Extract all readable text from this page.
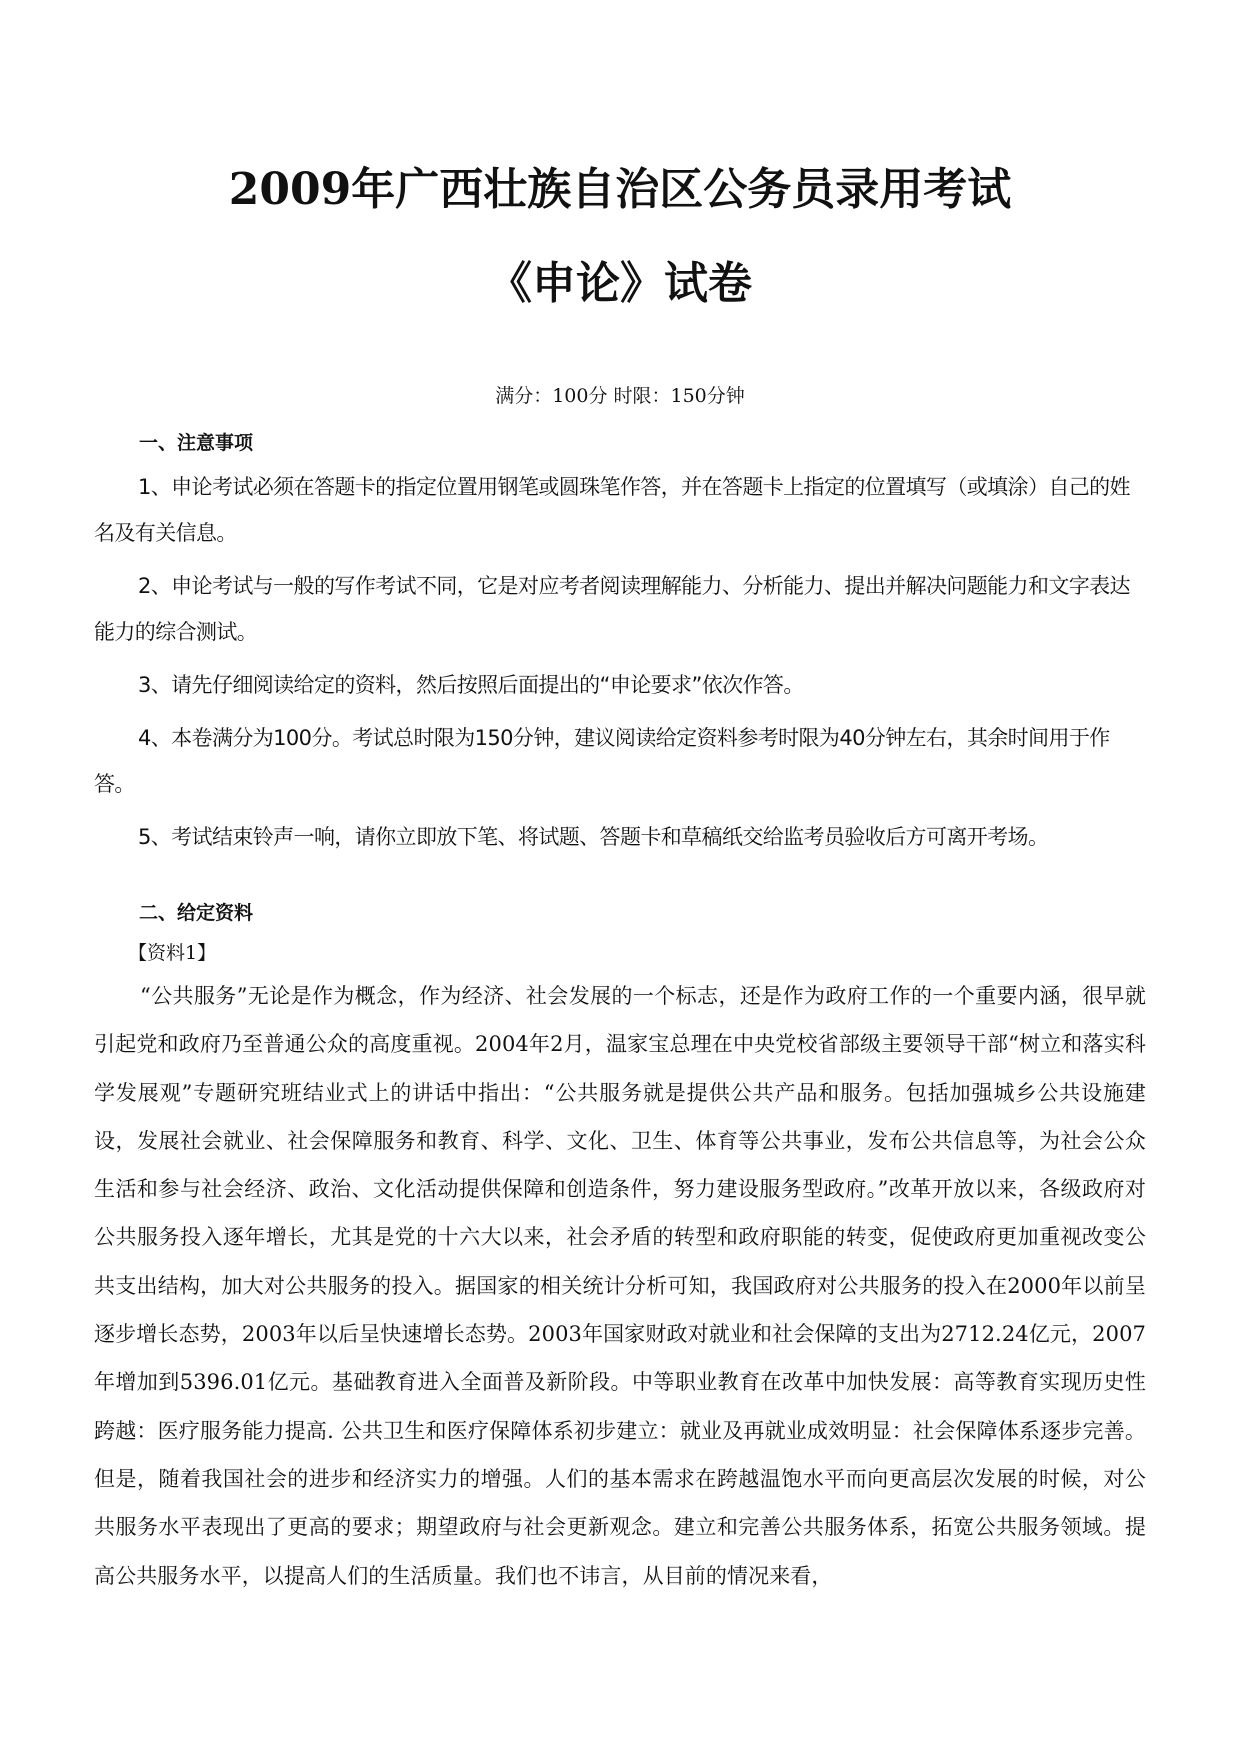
2009年广西壮族自治区公务员录用考试
《申论》试卷
满分：100分 时限：150分钟
一、注意事项
1、申论考试必须在答题卡的指定位置用钢笔或圆珠笔作答，并在答题卡上指定的位置填写（或填涂）自己的姓名及有关信息。
2、申论考试与一般的写作考试不同，它是对应考者阅读理解能力、分析能力、提出并解决问题能力和文字表达能力的综合测试。
3、请先仔细阅读给定的资料，然后按照后面提出的“申论要求”依次作答。
4、本卷满分为100分。考试总时限为150分钟，建议阅读给定资料参考时限为40分钟左右，其余时间用于作答。
5、考试结束铃声一响，请你立即放下笔、将试题、答题卡和草稿纸交给监考员验收后方可离开考场。
二、给定资料
【资料1】

“公共服务”无论是作为概念，作为经济、社会发展的一个标志，还是作为政府工作的一个重要内涵，很早就引起党和政府乃至普通公众的高度重视。2004年2月，温家宝总理在中央党校省部级主要领导干部“树立和落实科学发展观”专题研究班结业式上的讲话中指出：“公共服务就是提供公共产品和服务。包括加强城乡公共设施建设，发展社会就业、社会保障服务和教育、科学、文化、卫生、体育等公共事业，发布公共信息等，为社会公众生活和参与社会经济、政治、文化活动提供保障和创造条件，努力建设服务型政府。”改革开放以来，各级政府对公共服务投入逐年增长，尤其是党的十六大以来，社会矛盾的转型和政府职能的转变，促使政府更加重视改变公共支出结构，加大对公共服务的投入。据国家的相关统计分析可知，我国政府对公共服务的投入在2000年以前呈逐步增长态势，2003年以后呈快速增长态势。2003年国家财政对就业和社会保障的支出为2712.24亿元，2007年增加到5396.01亿元。基础教育进入全面普及新阶段。中等职业教育在改革中加快发展：高等教育实现历史性跨越：医疗服务能力提高. 公共卫生和医疗保障体系初步建立：就业及再就业成效明显：社会保障体系逐步完善。但是，随着我国社会的进步和经济实力的增强。人们的基本需求在跨越温饱水平而向更高层次发展的时候，对公共服务水平表现出了更高的要求；期望政府与社会更新观念。建立和完善公共服务体系，拓宽公共服务领域。提高公共服务水平，以提高人们的生活质量。我们也不讳言，从目前的情况来看，
